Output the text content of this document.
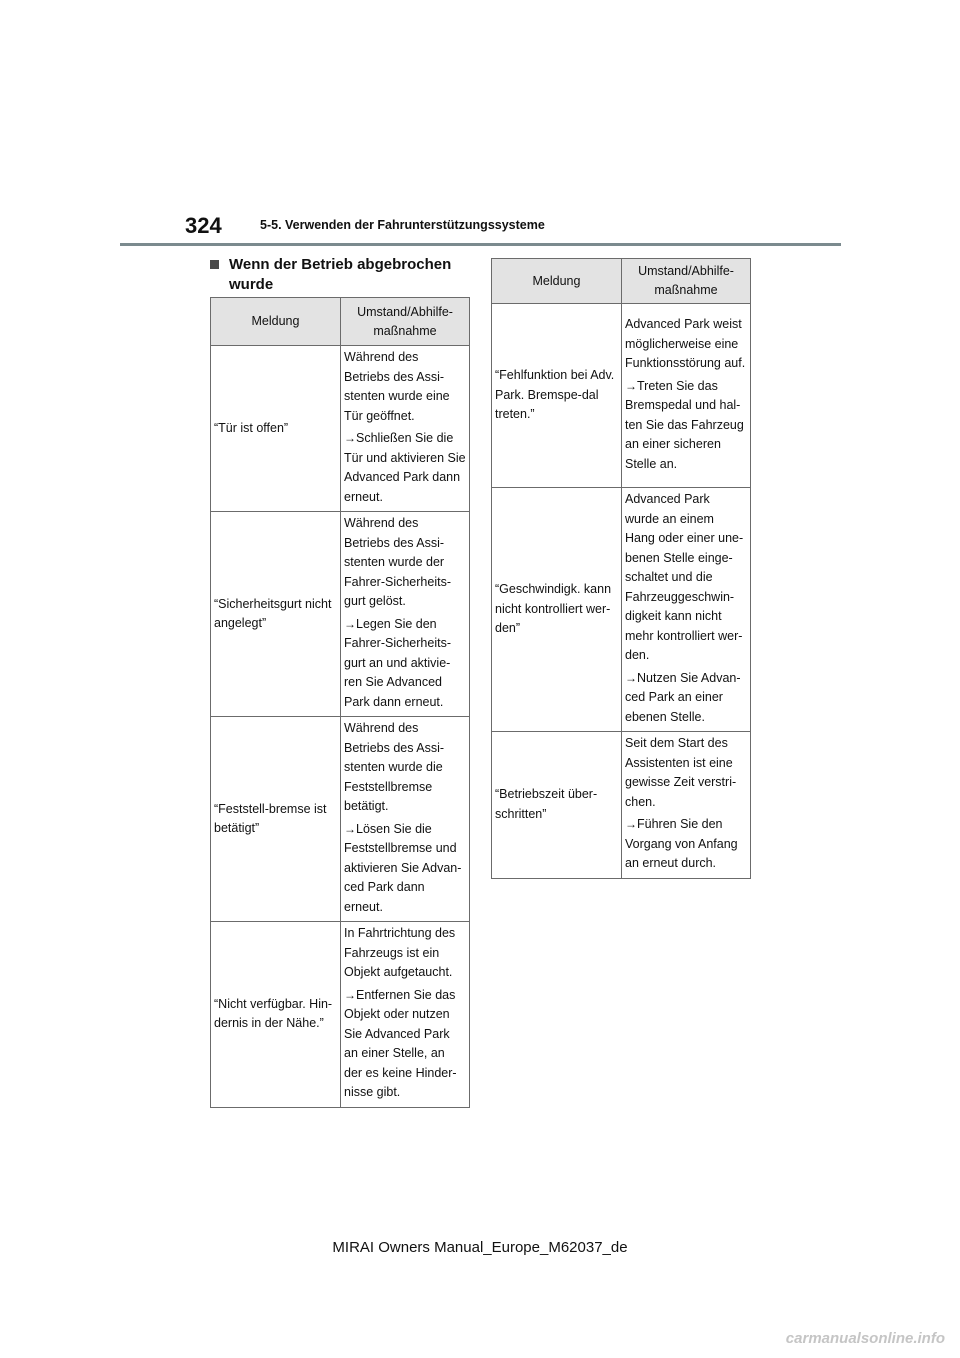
324	5-5. Verwenden der Fahrunterstützungssysteme
Wenn der Betrieb abgebrochen wurde
Meldung	Umstand/Abhilfe-maßnahme
“Tür ist offen”	Während des Betriebs des Assi-stenten wurde eine Tür geöffnet.

→Schließen Sie die Tür und aktivieren Sie Advanced Park dann erneut.

“Sicherheitsgurt nicht angelegt”	Während des Betriebs des Assi-stenten wurde der Fahrer-Sicherheits-gurt gelöst.

→Legen Sie den Fahrer-Sicherheits-gurt an und aktivie-ren Sie Advanced Park dann erneut.

“Feststell-bremse ist betätigt”	Während des Betriebs des Assi-stenten wurde die Feststellbremse betätigt.

→Lösen Sie die Feststellbremse und aktivieren Sie Advan-ced Park dann erneut.

“Nicht verfügbar. Hin-dernis in der Nähe.”	In Fahrtrichtung des Fahrzeugs ist ein Objekt aufgetaucht.

→Entfernen Sie das Objekt oder nutzen Sie Advanced Park an einer Stelle, an der es keine Hinder-nisse gibt.

Meldung	Umstand/Abhilfe-maßnahme
“Fehlfunktion bei Adv. Park. Bremspe-dal treten.”	Advanced Park weist möglicherweise eine Funktionsstörung auf.

→Treten Sie das Bremspedal und hal-ten Sie das Fahrzeug an einer sicheren Stelle an.

“Geschwindigk. kann nicht kontrolliert wer-den”	Advanced Park wurde an einem Hang oder einer une-benen Stelle einge-schaltet und die Fahrzeuggeschwin-digkeit kann nicht mehr kontrolliert wer-den.

→Nutzen Sie Advan-ced Park an einer ebenen Stelle.

“Betriebszeit über-schritten”	Seit dem Start des Assistenten ist eine gewisse Zeit verstri-chen.

→Führen Sie den Vorgang von Anfang an erneut durch.

MIRAI Owners Manual_Europe_M62037_de
carmanualsonline.info
